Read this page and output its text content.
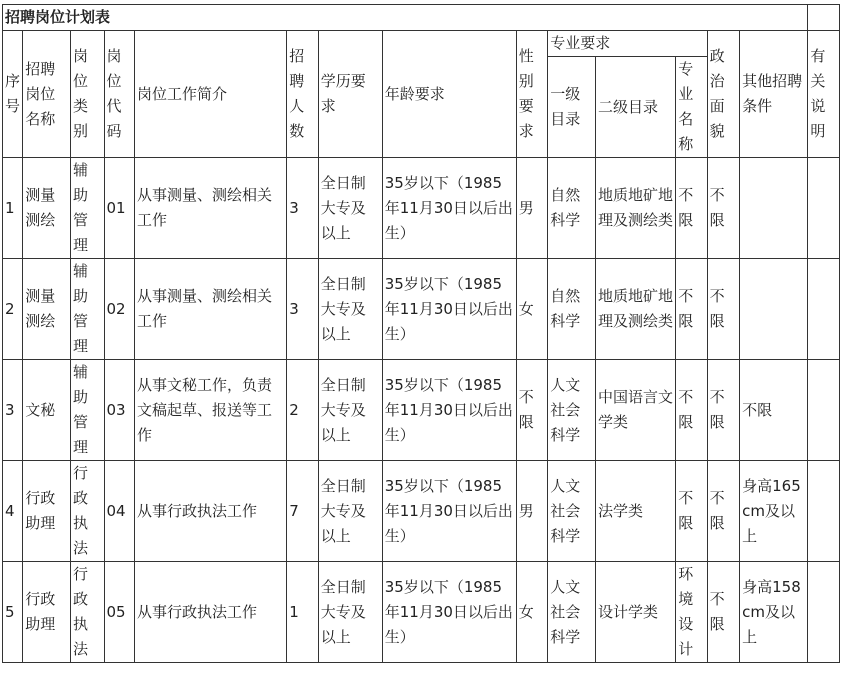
招聘岗位计划表														
序号	招聘岗位名称	岗位类别	岗位代码	岗位工作简介	招聘人数	学历要求	年龄要求	性别要求	专业要求			政治面貌	其他招聘条件	有关说明
									一级目录	二级目录	专业名称			
1	测量测绘	辅助管理	01	从事测量、测绘相关工作	3	全日制大专及以上	35岁以下（1985年11月30日以后出生）	男	自然科学	地质地矿地理及测绘类	不限	不限		
2	测量测绘	辅助管理	02	从事测量、测绘相关工作	3	全日制大专及以上	35岁以下（1985年11月30日以后出生）	女	自然科学	地质地矿地理及测绘类	不限	不限		
3	文秘	辅助管理	03	从事文秘工作，负责文稿起草、报送等工作	2	全日制大专及以上	35岁以下（1985年11月30日以后出生）	不限	人文社会科学	中国语言文学类	不限	不限	不限	
4	行政助理	行政执法	04	从事行政执法工作	7	全日制大专及以上	35岁以下（1985年11月30日以后出生）	男	人文社会科学	法学类	不限	不限	身高165cm及以上	
5	行政助理	行政执法	05	从事行政执法工作	1	全日制大专及以上	35岁以下（1985年11月30日以后出生）	女	人文社会科学	设计学类	环境设计	不限	身高158cm及以上	
